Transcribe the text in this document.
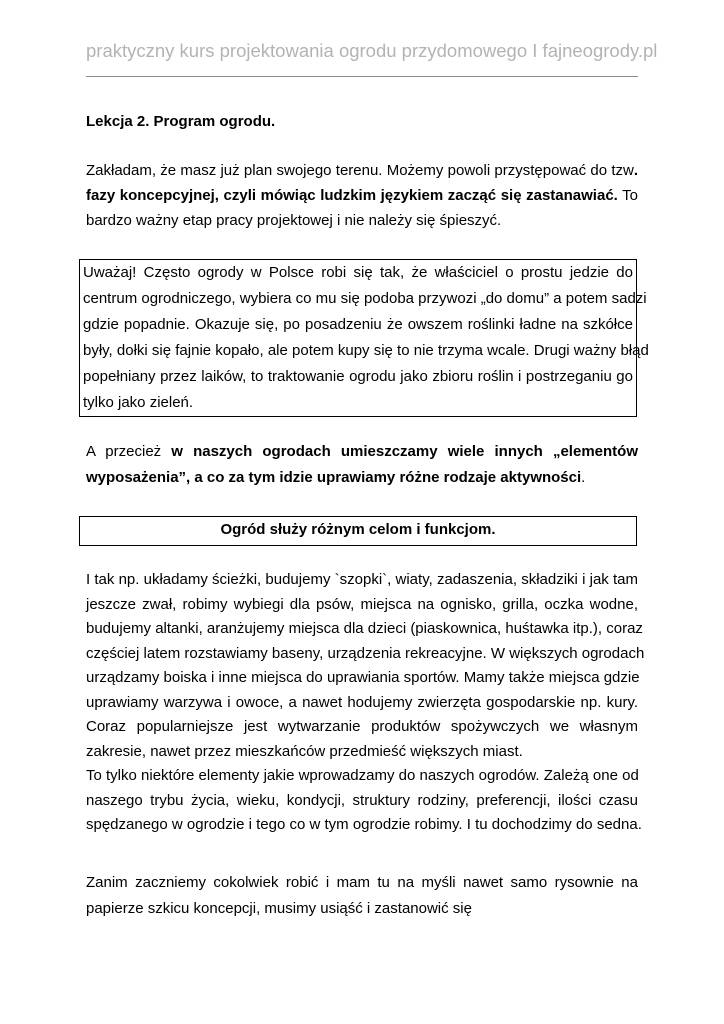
praktyczny kurs projektowania ogrodu przydomowego I fajneogrody.pl
Lekcja 2. Program ogrodu.
Zakładam, że masz już plan swojego terenu. Możemy powoli przystępować do tzw.
fazy koncepcyjnej, czyli mówiąc ludzkim językiem zacząć się zastanawiać. To
bardzo ważny etap pracy projektowej i nie należy się śpieszyć.
Uważaj! Często ogrody w Polsce robi się tak, że właściciel o prostu jedzie do
centrum ogrodniczego, wybiera co mu się podoba przywozi „do domu” a potem sadzi
gdzie popadnie. Okazuje się, po posadzeniu że owszem roślinki ładne na szkółce
były, dołki się fajnie kopało, ale potem kupy się to nie trzyma wcale. Drugi ważny błąd
popełniany przez laików, to traktowanie ogrodu jako zbioru roślin i postrzeganiu go
tylko jako zieleń.
A przecież w naszych ogrodach umieszczamy wiele innych „elementów
wyposażenia”, a co za tym idzie uprawiamy różne rodzaje aktywności.
Ogród służy różnym celom i funkcjom.
I tak np. układamy ścieżki, budujemy `szopki`, wiaty, zadaszenia, składziki i jak tam
jeszcze zwał, robimy wybiegi dla psów, miejsca na ognisko, grilla, oczka wodne,
budujemy altanki, aranżujemy miejsca dla dzieci (piaskownica, huśtawka itp.), coraz
częściej latem rozstawiamy baseny, urządzenia rekreacyjne. W większych ogrodach
urządzamy boiska i inne miejsca do uprawiania sportów. Mamy także miejsca gdzie
uprawiamy warzywa i owoce, a nawet hodujemy zwierzęta gospodarskie np. kury.
Coraz popularniejsze jest wytwarzanie produktów spożywczych we własnym
zakresie, nawet przez mieszkańców przedmieść większych miast.
To tylko niektóre elementy jakie wprowadzamy do naszych ogrodów. Zależą one od
naszego trybu życia, wieku, kondycji, struktury rodziny, preferencji, ilości czasu
spędzanego w ogrodzie i tego co w tym ogrodzie robimy. I tu dochodzimy do sedna.
Zanim zaczniemy cokolwiek robić i mam tu na myśli nawet samo rysownie na
papierze szkicu koncepcji, musimy usiąść i zastanowić się
